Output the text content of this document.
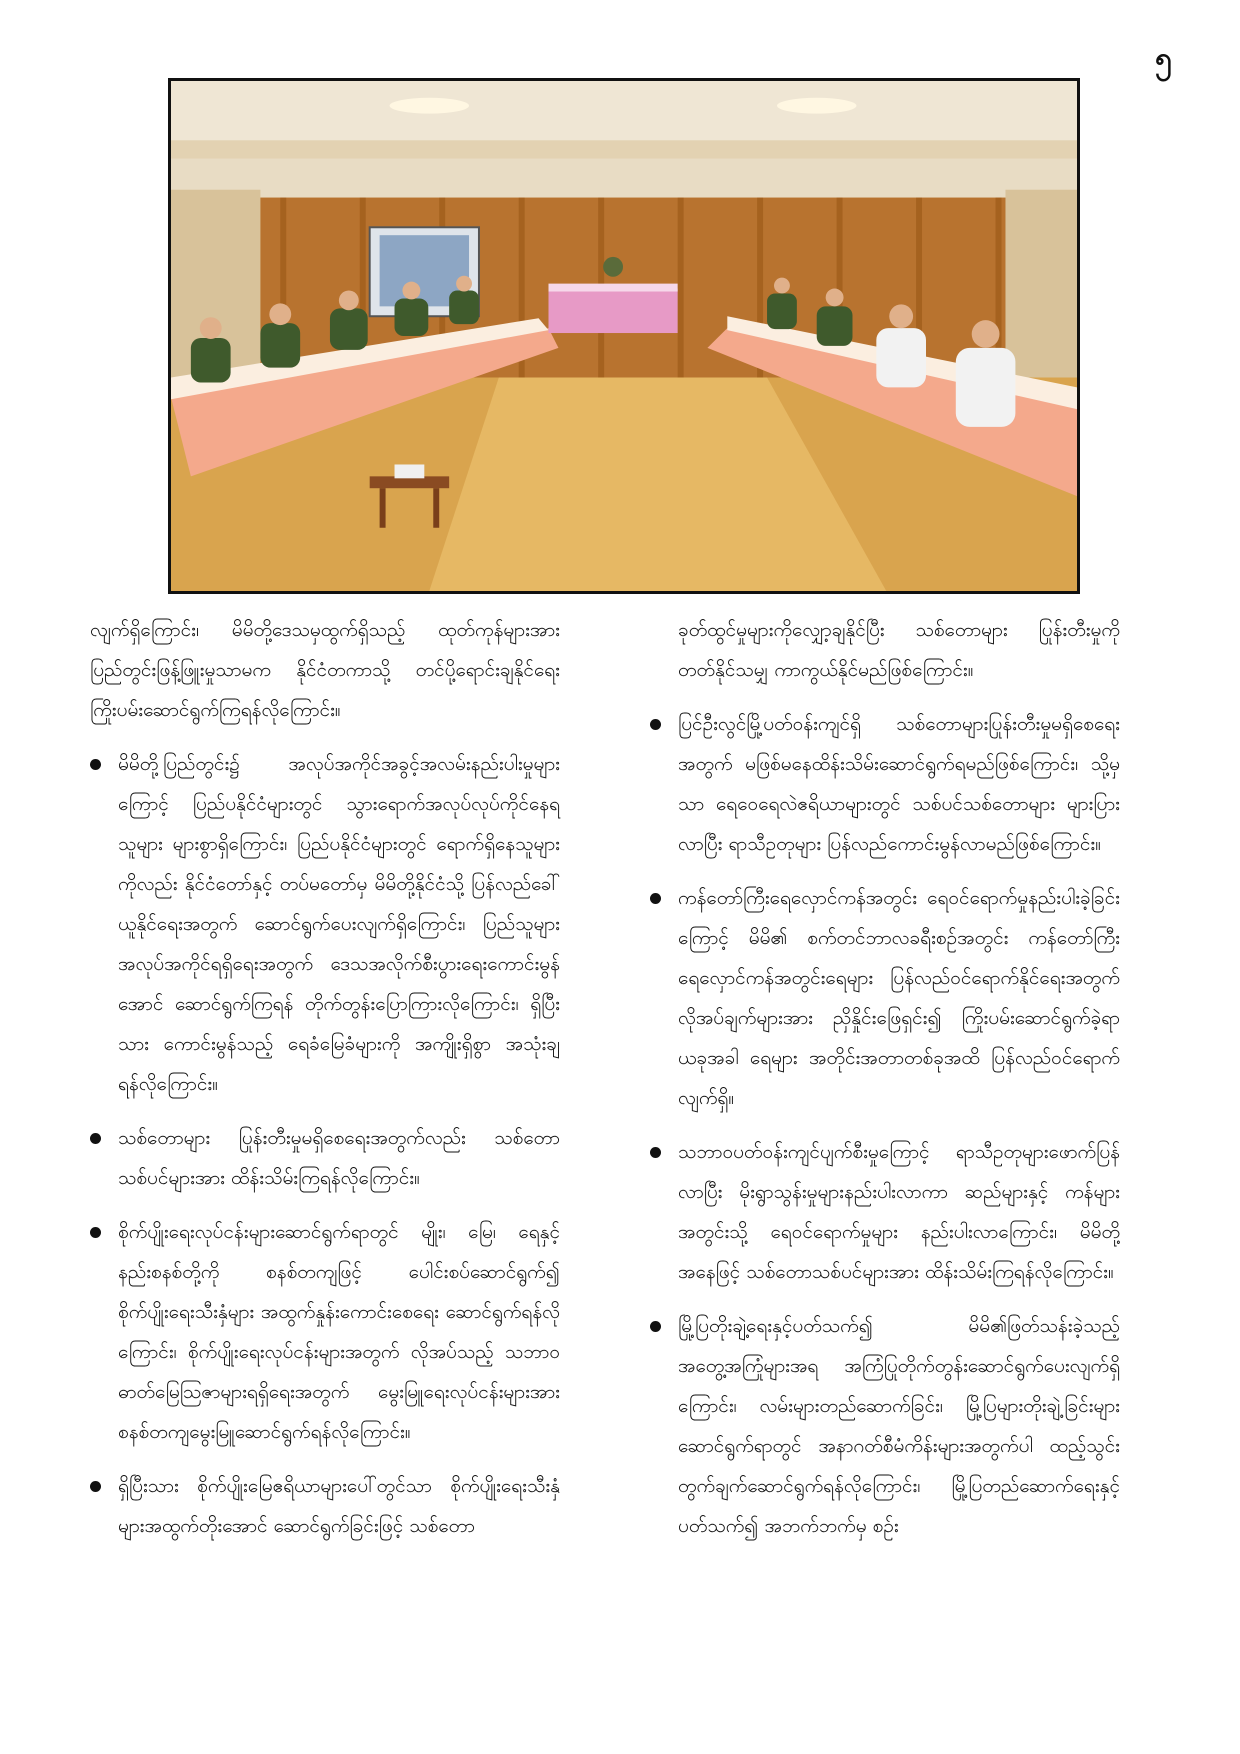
၅

လျက်ရှိကြောင်း၊ မိမိတို့ဒေသမှထွက်ရှိသည့် ထုတ်ကုန်များအား ပြည်တွင်းဖြန့်ဖြူးမှုသာမက နိုင်ငံတကာသို့ တင်ပို့ရောင်းချနိုင်ရေး ကြိုးပမ်းဆောင်ရွက်ကြရန်လိုကြောင်း။

မိမိတို့ပြည်တွင်း၌ အလုပ်အကိုင်အခွင့်အလမ်းနည်းပါးမှုများကြောင့် ပြည်ပနိုင်ငံများတွင် သွားရောက်အလုပ်လုပ်ကိုင်နေရသူများ များစွာရှိကြောင်း၊ ပြည်ပနိုင်ငံများတွင် ရောက်ရှိနေသူများကိုလည်း နိုင်ငံတော်နှင့် တပ်မတော်မှ မိမိတို့နိုင်ငံသို့ ပြန်လည်ခေါ်ယူနိုင်ရေးအတွက် ဆောင်ရွက်ပေးလျက်ရှိကြောင်း၊ ပြည်သူများအလုပ်အကိုင်ရရှိရေးအတွက် ဒေသအလိုက်စီးပွားရေးကောင်းမွန်အောင် ဆောင်ရွက်ကြရန် တိုက်တွန်းပြောကြားလိုကြောင်း၊ ရှိပြီးသား ကောင်းမွန်သည့် ရေခံမြေခံများကို အကျိုးရှိစွာ အသုံးချရန်လိုကြောင်း။
သစ်တောများ ပြုန်းတီးမှုမရှိစေရေးအတွက်လည်း သစ်တောသစ်ပင်များအား ထိန်းသိမ်းကြရန်လိုကြောင်း။
စိုက်ပျိုးရေးလုပ်ငန်းများဆောင်ရွက်ရာတွင် မျိုး၊ မြေ၊ ရေနှင့် နည်းစနစ်တို့ကို စနစ်တကျဖြင့် ပေါင်းစပ်ဆောင်ရွက်၍ စိုက်ပျိုးရေးသီးနှံများ အထွက်နှုန်းကောင်းစေရေး ဆောင်ရွက်ရန်လိုကြောင်း၊ စိုက်ပျိုးရေးလုပ်ငန်းများအတွက် လိုအပ်သည့် သဘာဝဓာတ်မြေဩဇာများရရှိရေးအတွက် မွေးမြူရေးလုပ်ငန်းများအား စနစ်တကျမွေးမြူဆောင်ရွက်ရန်လိုကြောင်း။
ရှိပြီးသား စိုက်ပျိုးမြေဧရိယာများပေါ်တွင်သာ စိုက်ပျိုးရေးသီးနှံများအထွက်တိုးအောင် ဆောင်ရွက်ခြင်းဖြင့် သစ်တော

ခုတ်ထွင်မှုများကိုလျှော့ချနိုင်ပြီး သစ်တောများ ပြုန်းတီးမှုကိုတတ်နိုင်သမျှ ကာကွယ်နိုင်မည်ဖြစ်ကြောင်း။

ပြင်ဦးလွင်မြို့ပတ်ဝန်းကျင်ရှိ သစ်တောများပြုန်းတီးမှုမရှိစေရေးအတွက် မဖြစ်မနေထိန်းသိမ်းဆောင်ရွက်ရမည်ဖြစ်ကြောင်း၊ သို့မှသာ ရေဝေရေလဲဧရိယာများတွင် သစ်ပင်သစ်တောများ များပြားလာပြီး ရာသီဥတုများ ပြန်လည်ကောင်းမွန်လာမည်ဖြစ်ကြောင်း။
ကန်တော်ကြီးရေလှောင်ကန်အတွင်း ရေဝင်ရောက်မှုနည်းပါးခဲ့ခြင်းကြောင့် မိမိ၏ စက်တင်ဘာလခရီးစဉ်အတွင်း ကန်တော်ကြီးရေလှောင်ကန်အတွင်းရေများ ပြန်လည်ဝင်ရောက်နိုင်ရေးအတွက် လိုအပ်ချက်များအား ညှိနှိုင်းဖြေရှင်း၍ ကြိုးပမ်းဆောင်ရွက်ခဲ့ရာ ယခုအခါ ရေများ အတိုင်းအတာတစ်ခုအထိ ပြန်လည်ဝင်ရောက်လျက်ရှိ။
သဘာဝပတ်ဝန်းကျင်ပျက်စီးမှုကြောင့် ရာသီဥတုများဖောက်ပြန်လာပြီး မိုးရွာသွန်းမှုများနည်းပါးလာကာ ဆည်များနှင့် ကန်များအတွင်းသို့ ရေဝင်ရောက်မှုများ နည်းပါးလာကြောင်း၊ မိမိတို့အနေဖြင့် သစ်တောသစ်ပင်များအား ထိန်းသိမ်းကြရန်လိုကြောင်း။
မြို့ပြတိုးချဲ့ရေးနှင့်ပတ်သက်၍ မိမိ၏ဖြတ်သန်းခဲ့သည့် အတွေ့အကြုံများအရ အကြံပြုတိုက်တွန်းဆောင်ရွက်ပေးလျက်ရှိကြောင်း၊ လမ်းများတည်ဆောက်ခြင်း၊ မြို့ပြများတိုးချဲ့ခြင်းများဆောင်ရွက်ရာတွင် အနာဂတ်စီမံကိန်းများအတွက်ပါ ထည့်သွင်းတွက်ချက်ဆောင်ရွက်ရန်လိုကြောင်း၊ မြို့ပြတည်ဆောက်ရေးနှင့်ပတ်သက်၍ အဘက်ဘက်မှ စဉ်း
